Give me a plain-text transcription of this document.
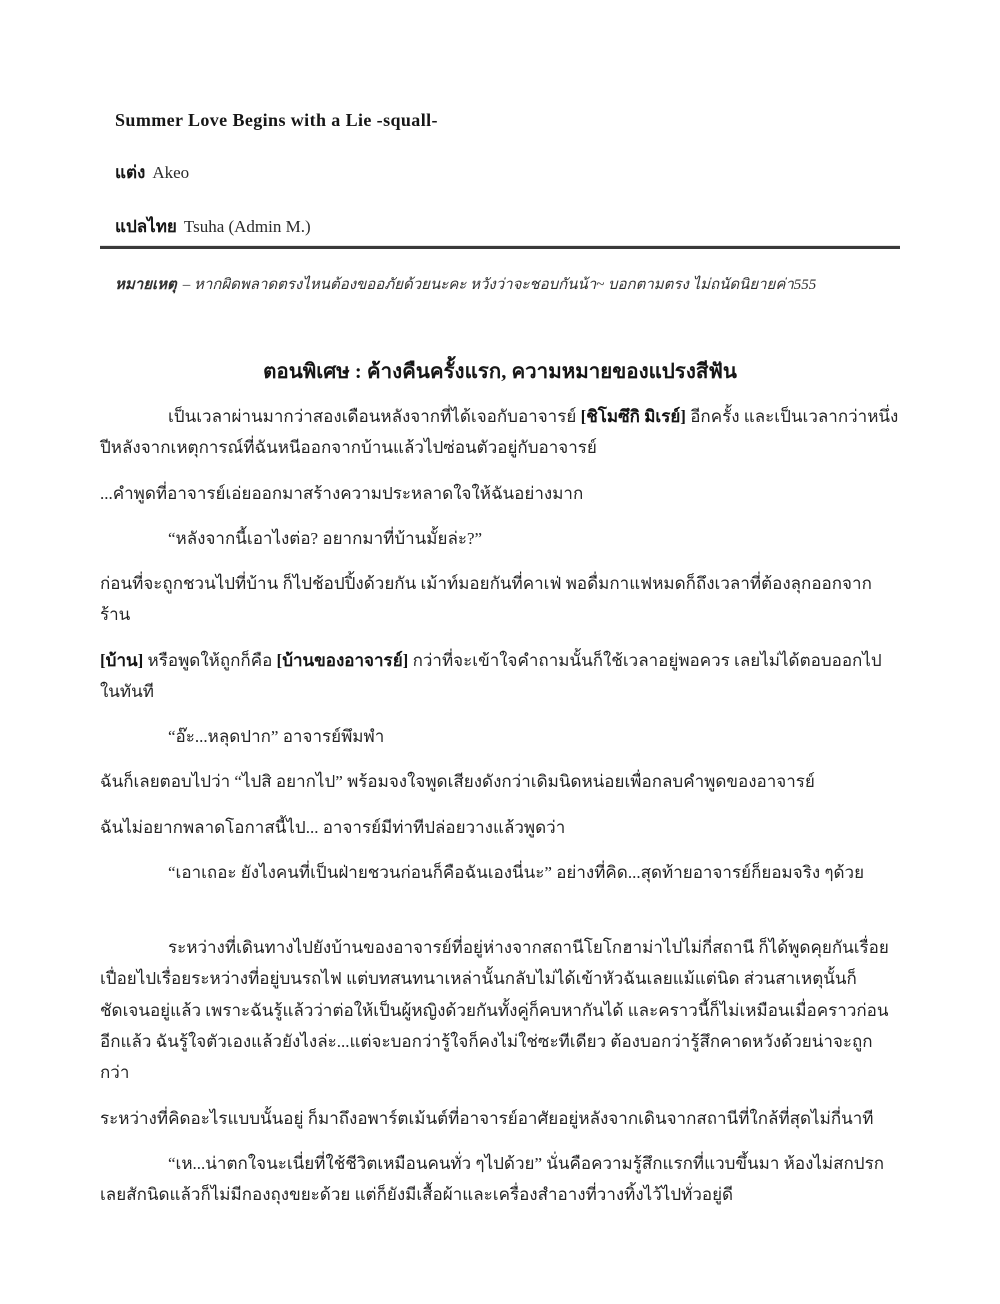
Summer Love Begins with a Lie -squall-

แต่ง Akeo

แปลไทย Tsuha (Admin M.)

หมายเหตุ – หากผิดพลาดตรงไหนต้องขออภัยด้วยนะคะ หวังว่าจะชอบกันน้า~ บอกตามตรง ไม่ถนัดนิยายค่า555

ตอนพิเศษ : ค้างคืนครั้งแรก, ความหมายของแปรงสีฟัน

เป็นเวลาผ่านมากว่าสองเดือนหลังจากที่ได้เจอกับอาจารย์ [ชิโมซึกิ มิเรย์] อีกครั้ง และเป็นเวลากว่าหนึ่งปีหลังจากเหตุการณ์ที่ฉันหนีออกจากบ้านแล้วไปซ่อนตัวอยู่กับอาจารย์

...คำพูดที่อาจารย์เอ่ยออกมาสร้างความประหลาดใจให้ฉันอย่างมาก

“หลังจากนี้เอาไงต่อ? อยากมาที่บ้านมั้ยล่ะ?”

ก่อนที่จะถูกชวนไปที่บ้าน ก็ไปช้อปปิ้งด้วยกัน เม้าท์มอยกันที่คาเฟ่ พอดื่มกาแฟหมดก็ถึงเวลาที่ต้องลุกออกจากร้าน

[บ้าน] หรือพูดให้ถูกก็คือ [บ้านของอาจารย์] กว่าที่จะเข้าใจคำถามนั้นก็ใช้เวลาอยู่พอควร เลยไม่ได้ตอบออกไปในทันที

“อ๊ะ...หลุดปาก” อาจารย์พึมพำ

ฉันก็เลยตอบไปว่า “ไปสิ อยากไป” พร้อมจงใจพูดเสียงดังกว่าเดิมนิดหน่อยเพื่อกลบคำพูดของอาจารย์

ฉันไม่อยากพลาดโอกาสนี้ไป... อาจารย์มีท่าทีปล่อยวางแล้วพูดว่า

“เอาเถอะ ยังไงคนที่เป็นฝ่ายชวนก่อนก็คือฉันเองนี่นะ” อย่างที่คิด...สุดท้ายอาจารย์ก็ยอมจริง ๆด้วย

ระหว่างที่เดินทางไปยังบ้านของอาจารย์ที่อยู่ห่างจากสถานีโยโกฮาม่าไปไม่กี่สถานี ก็ได้พูดคุยกันเรื่อยเปื่อยไปเรื่อยระหว่างที่อยู่บนรถไฟ แต่บทสนทนาเหล่านั้นกลับไม่ได้เข้าหัวฉันเลยแม้แต่นิด ส่วนสาเหตุนั้นก็ชัดเจนอยู่แล้ว เพราะฉันรู้แล้วว่าต่อให้เป็นผู้หญิงด้วยกันทั้งคู่ก็คบหากันได้ และคราวนี้ก็ไม่เหมือนเมื่อคราวก่อนอีกแล้ว ฉันรู้ใจตัวเองแล้วยังไงล่ะ...แต่จะบอกว่ารู้ใจก็คงไม่ใช่ซะทีเดียว ต้องบอกว่ารู้สึกคาดหวังด้วยน่าจะถูกกว่า

ระหว่างที่คิดอะไรแบบนั้นอยู่ ก็มาถึงอพาร์ตเม้นต์ที่อาจารย์อาศัยอยู่หลังจากเดินจากสถานีที่ใกล้ที่สุดไม่กี่นาที

“เห...น่าตกใจนะเนี่ยที่ใช้ชีวิตเหมือนคนทั่ว ๆไปด้วย” นั่นคือความรู้สึกแรกที่แวบขึ้นมา ห้องไม่สกปรกเลยสักนิดแล้วก็ไม่มีกองถุงขยะด้วย แต่ก็ยังมีเสื้อผ้าและเครื่องสำอางที่วางทิ้งไว้ไปทั่วอยู่ดี
